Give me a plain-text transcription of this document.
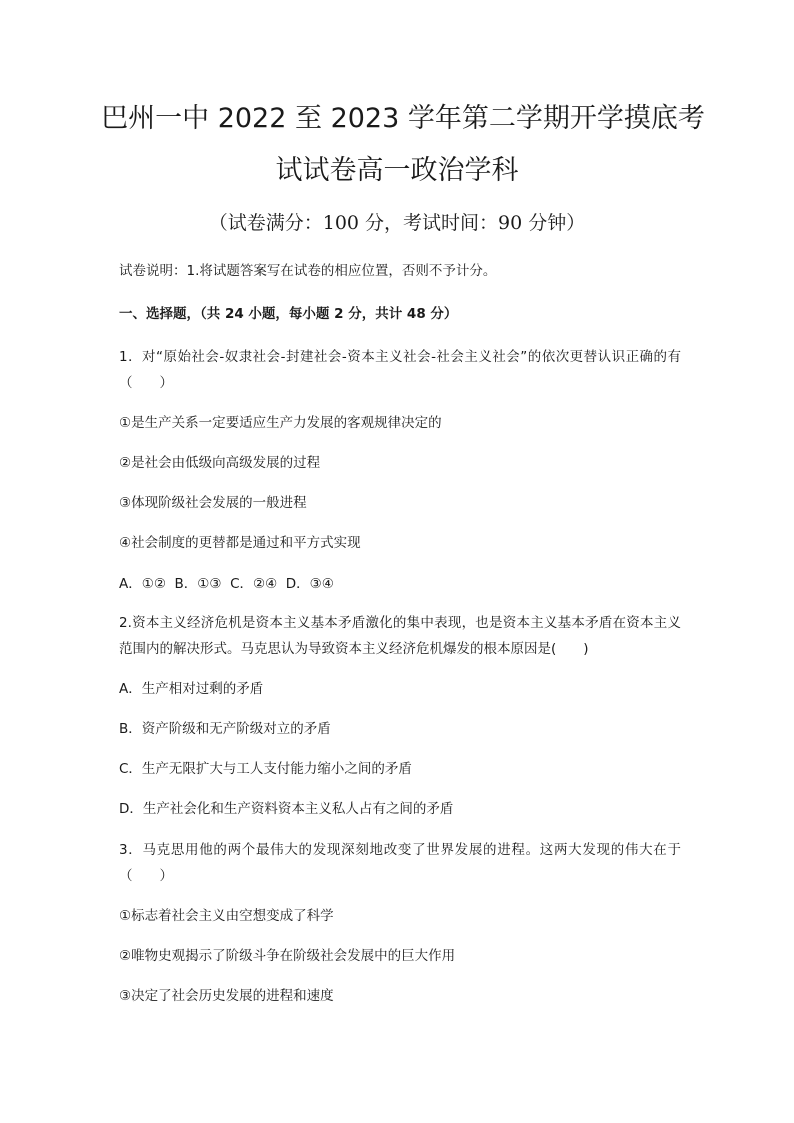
巴州一中 2022 至 2023 学年第二学期开学摸底考
试试卷高一政治学科
（试卷满分：100 分，考试时间：90 分钟）
试卷说明：1.将试题答案写在试卷的相应位置，否则不予计分。
一、选择题，（共 24 小题，每小题 2 分，共计 48 分）
1．对“原始社会-奴隶社会-封建社会-资本主义社会-社会主义社会”的依次更替认识正确的有（　　）
①是生产关系一定要适应生产力发展的客观规律决定的
②是社会由低级向高级发展的过程
③体现阶级社会发展的一般进程
④社会制度的更替都是通过和平方式实现
A．①②  B．①③  C．②④  D．③④
2.资本主义经济危机是资本主义基本矛盾激化的集中表现，也是资本主义基本矛盾在资本主义范围内的解决形式。马克思认为导致资本主义经济危机爆发的根本原因是(　　)
A．生产相对过剩的矛盾
B．资产阶级和无产阶级对立的矛盾
C．生产无限扩大与工人支付能力缩小之间的矛盾
D．生产社会化和生产资料资本主义私人占有之间的矛盾
3．马克思用他的两个最伟大的发现深刻地改变了世界发展的进程。这两大发现的伟大在于（　　）
①标志着社会主义由空想变成了科学
②唯物史观揭示了阶级斗争在阶级社会发展中的巨大作用
③决定了社会历史发展的进程和速度
